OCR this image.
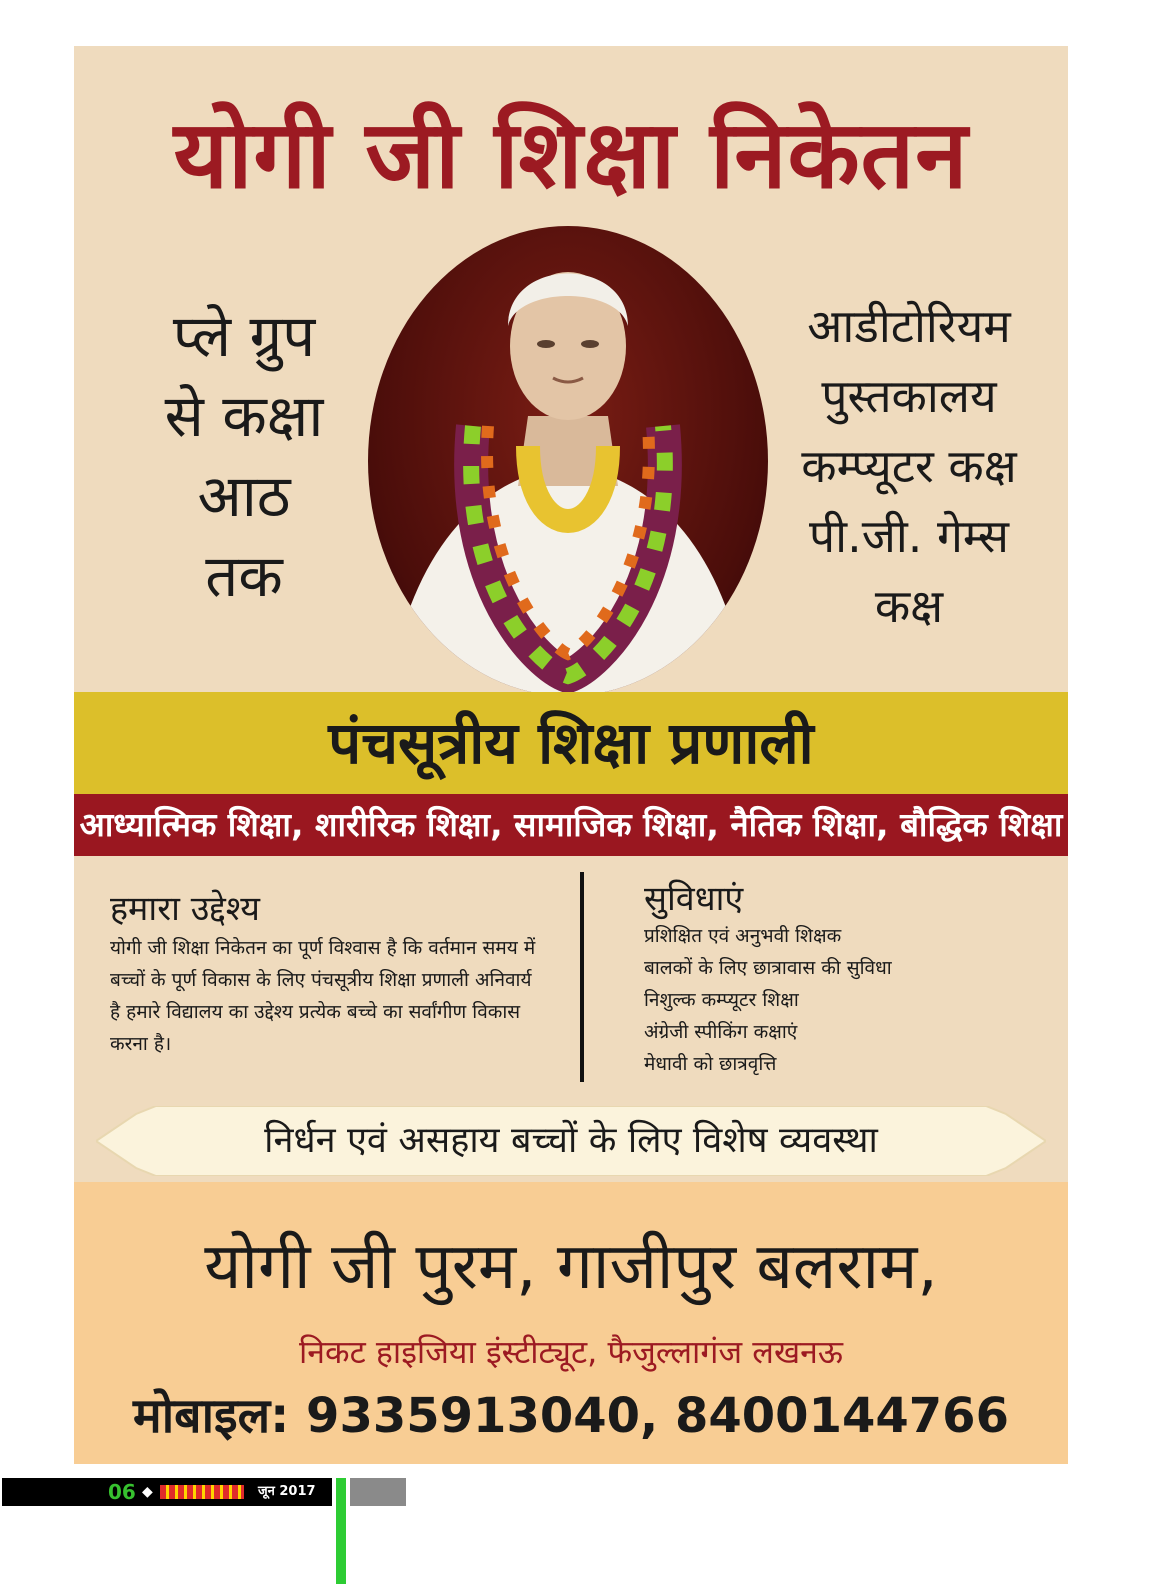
योगी जी शिक्षा निकेतन
प्ले ग्रुप
से कक्षा
आठ
तक
आडीटोरियम
पुस्तकालय
कम्प्यूटर कक्ष
पी.जी. गेम्स
कक्ष
पंचसूत्रीय शिक्षा प्रणाली
आध्यात्मिक शिक्षा, शारीरिक शिक्षा, सामाजिक शिक्षा, नैतिक शिक्षा, बौद्धिक शिक्षा
हमारा उद्देश्य
योगी जी शिक्षा निकेतन का पूर्ण विश्वास है कि वर्तमान समय में बच्चों के पूर्ण विकास के लिए पंचसूत्रीय शिक्षा प्रणाली अनिवार्य है हमारे विद्यालय का उद्देश्य प्रत्येक बच्चे का सर्वांगीण विकास करना है।
सुविधाएं
प्रशिक्षित एवं अनुभवी शिक्षक
बालकों के लिए छात्रावास की सुविधा
निशुल्क कम्प्यूटर शिक्षा
अंग्रेजी स्पीकिंग कक्षाएं
मेधावी को छात्रवृत्ति
निर्धन एवं असहाय बच्चों के लिए विशेष व्यवस्था
योगी जी पुरम, गाजीपुर बलराम,
निकट हाइजिया इंस्टीट्यूट, फैजुल्लागंज लखनऊ
मोबाइल: 9335913040, 8400144766
06 ◆	जून 2017
